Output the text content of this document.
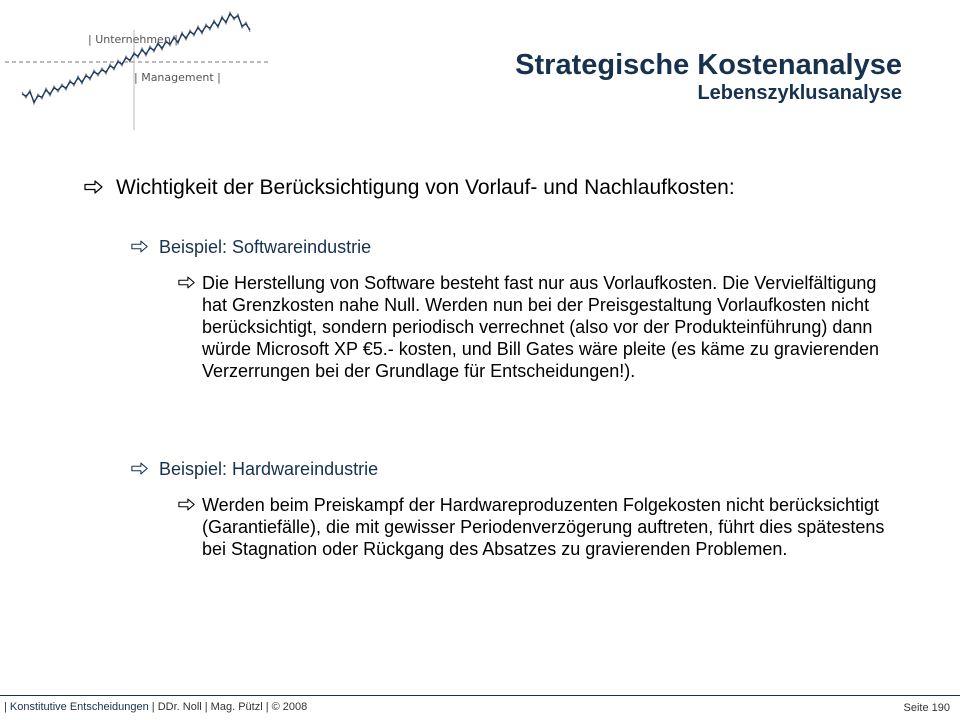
| Unternehmen |
| Management |	Strategische Kostenanalyse
Lebenszyklusanalyse
Wichtigkeit der Berücksichtigung von Vorlauf- und Nachlaufkosten:
Beispiel: Softwareindustrie
Die Herstellung von Software besteht fast nur aus Vorlaufkosten. Die Vervielfältigung hat Grenzkosten nahe Null. Werden nun bei der Preisgestaltung Vorlaufkosten nicht berücksichtigt, sondern periodisch verrechnet (also vor der Produkteinführung) dann würde Microsoft XP €5.- kosten, und Bill Gates wäre pleite (es käme zu gravierenden Verzerrungen bei der Grundlage für Entscheidungen!).
Beispiel: Hardwareindustrie
Werden beim Preiskampf der Hardwareproduzenten Folgekosten nicht berücksichtigt (Garantiefälle), die mit gewisser Periodenverzögerung auftreten, führt dies spätestens bei Stagnation oder Rückgang des Absatzes zu gravierenden Problemen.
| Konstitutive Entscheidungen | DDr. Noll | Mag. Pützl | © 2008	Seite 190
